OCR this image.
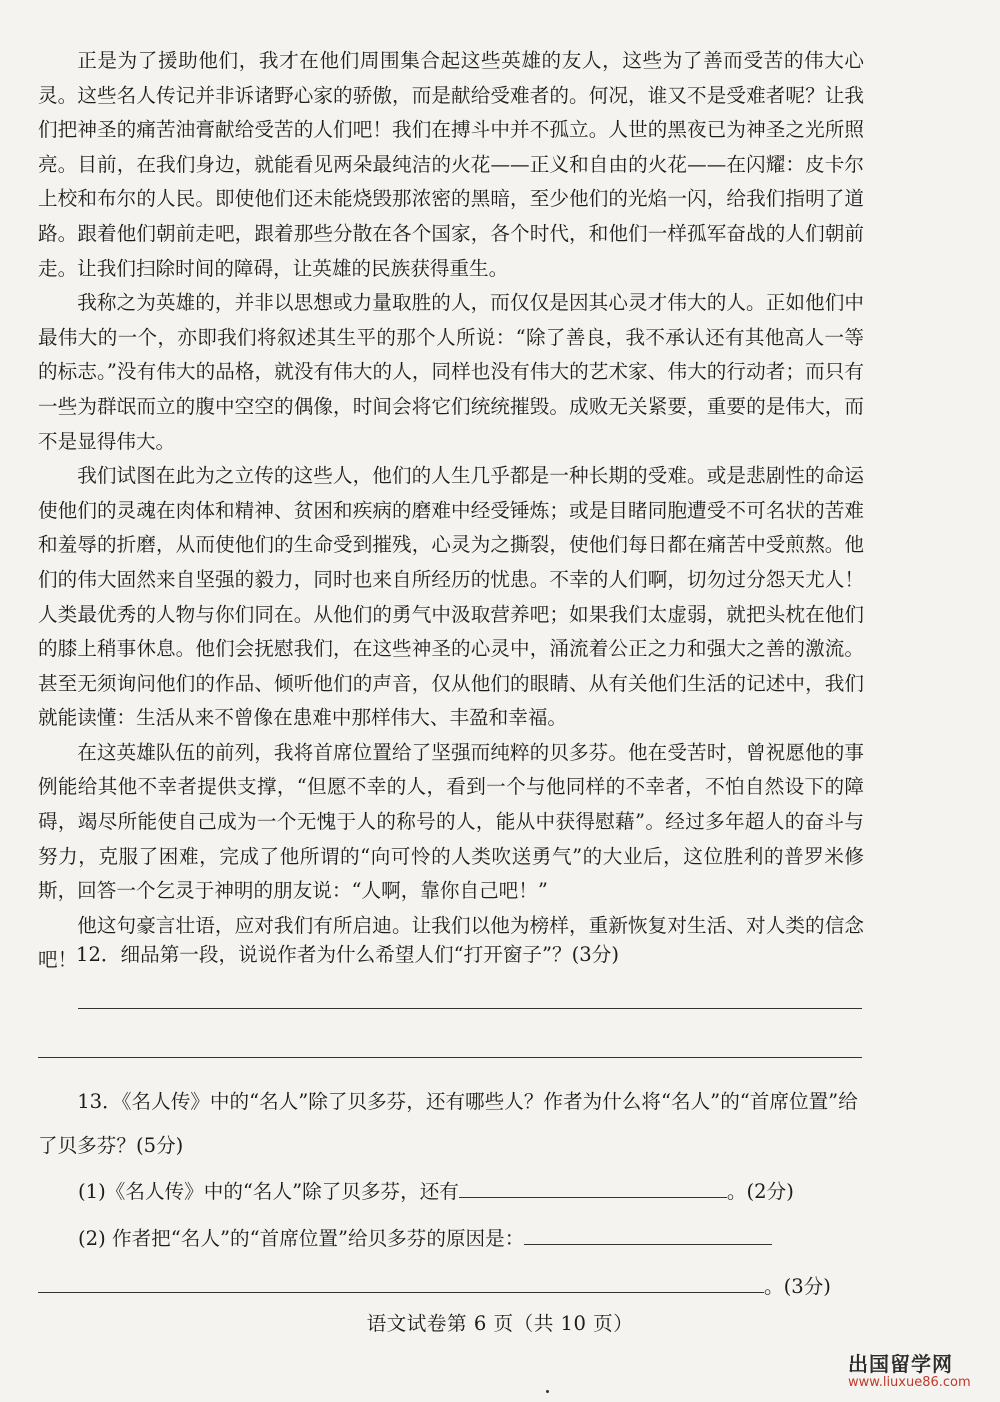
正是为了援助他们，我才在他们周围集合起这些英雄的友人，这些为了善而受苦的伟大心灵。这些名人传记并非诉诸野心家的骄傲，而是献给受难者的。何况，谁又不是受难者呢？让我们把神圣的痛苦油膏献给受苦的人们吧！我们在搏斗中并不孤立。人世的黑夜已为神圣之光所照亮。目前，在我们身边，就能看见两朵最纯洁的火花——正义和自由的火花——在闪耀：皮卡尔上校和布尔的人民。即使他们还未能烧毁那浓密的黑暗，至少他们的光焰一闪，给我们指明了道路。跟着他们朝前走吧，跟着那些分散在各个国家，各个时代，和他们一样孤军奋战的人们朝前走。让我们扫除时间的障碍，让英雄的民族获得重生。

我称之为英雄的，并非以思想或力量取胜的人，而仅仅是因其心灵才伟大的人。正如他们中最伟大的一个，亦即我们将叙述其生平的那个人所说：“除了善良，我不承认还有其他高人一等的标志。”没有伟大的品格，就没有伟大的人，同样也没有伟大的艺术家、伟大的行动者；而只有一些为群氓而立的腹中空空的偶像，时间会将它们统统摧毁。成败无关紧要，重要的是伟大，而不是显得伟大。

我们试图在此为之立传的这些人，他们的人生几乎都是一种长期的受难。或是悲剧性的命运使他们的灵魂在肉体和精神、贫困和疾病的磨难中经受锤炼；或是目睹同胞遭受不可名状的苦难和羞辱的折磨，从而使他们的生命受到摧残，心灵为之撕裂，使他们每日都在痛苦中受煎熬。他们的伟大固然来自坚强的毅力，同时也来自所经历的忧患。不幸的人们啊，切勿过分怨天尤人！人类最优秀的人物与你们同在。从他们的勇气中汲取营养吧；如果我们太虚弱，就把头枕在他们的膝上稍事休息。他们会抚慰我们，在这些神圣的心灵中，涌流着公正之力和强大之善的激流。甚至无须询问他们的作品、倾听他们的声音，仅从他们的眼睛、从有关他们生活的记述中，我们就能读懂：生活从来不曾像在患难中那样伟大、丰盈和幸福。

在这英雄队伍的前列，我将首席位置给了坚强而纯粹的贝多芬。他在受苦时，曾祝愿他的事例能给其他不幸者提供支撑，“但愿不幸的人，看到一个与他同样的不幸者，不怕自然设下的障碍，竭尽所能使自己成为一个无愧于人的称号的人，能从中获得慰藉”。经过多年超人的奋斗与努力，克服了困难，完成了他所谓的“向可怜的人类吹送勇气”的大业后，这位胜利的普罗米修斯，回答一个乞灵于神明的朋友说：“人啊，靠你自己吧！”

他这句豪言壮语，应对我们有所启迪。让我们以他为榜样，重新恢复对生活、对人类的信念吧！

12．细品第一段，说说作者为什么希望人们“打开窗子”？(3分)
13．《名人传》中的“名人”除了贝多芬，还有哪些人？作者为什么将“名人”的“首席位置”给了贝多芬？(5分)
(1)《名人传》中的“名人”除了贝多芬，还有	。(2分)
(2) 作者把“名人”的“首席位置”给贝多芬的原因是：
。(3分)
语文试卷第 6 页（共 10 页）
出国留学网
www.liuxue86.com
